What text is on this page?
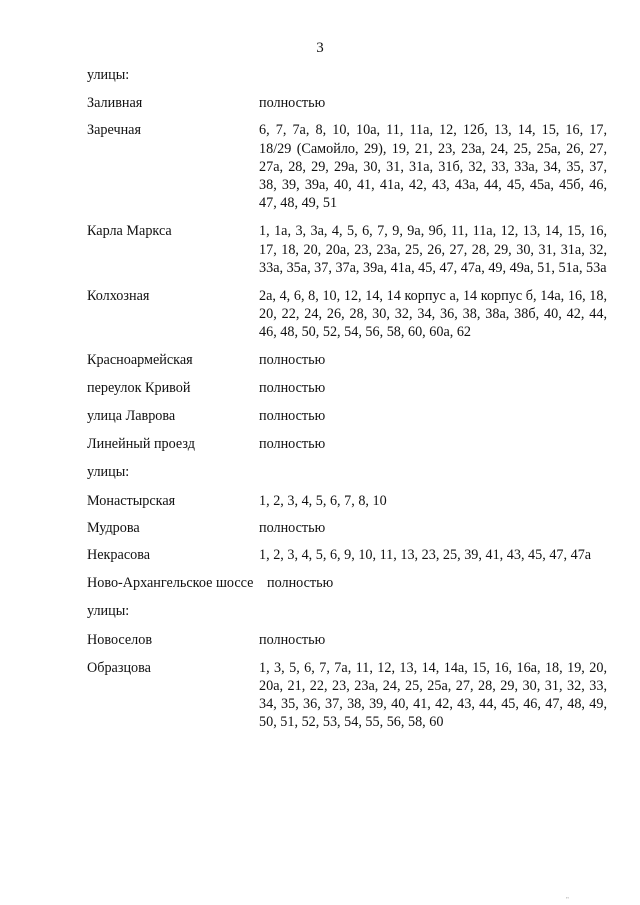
3
улицы:
Заливная	полностью
Заречная	6, 7, 7а, 8, 10, 10а, 11, 11а, 12, 12б, 13, 14, 15, 16, 17, 18/29 (Самойло, 29), 19, 21, 23, 23а, 24, 25, 25а, 26, 27, 27а, 28, 29, 29а, 30, 31, 31а, 31б, 32, 33, 33а, 34, 35, 37, 38, 39, 39а, 40, 41, 41а, 42, 43, 43а, 44, 45, 45а, 45б, 46, 47, 48, 49, 51
Карла Маркса	1, 1а, 3, 3а, 4, 5, 6, 7, 9, 9а, 9б, 11, 11а, 12, 13, 14, 15, 16, 17, 18, 20, 20а, 23, 23а, 25, 26, 27, 28, 29, 30, 31, 31а, 32, 33а, 35а, 37, 37а, 39а, 41а, 45, 47, 47а, 49, 49а, 51, 51а, 53а
Колхозная	2а, 4, 6, 8, 10, 12, 14, 14 корпус а, 14 корпус б, 14а, 16, 18, 20, 22, 24, 26, 28, 30, 32, 34, 36, 38, 38а, 38б, 40, 42, 44, 46, 48, 50, 52, 54, 56, 58, 60, 60а, 62
Красноармейская	полностью
переулок Кривой	полностью
улица Лаврова	полностью
Линейный проезд	полностью
улицы:
Монастырская	1, 2, 3, 4, 5, 6, 7, 8, 10
Мудрова	полностью
Некрасова	1, 2, 3, 4, 5, 6, 9, 10, 11, 13, 23, 25, 39, 41, 43, 45, 47, 47а
Ново-Архангельское шоссе полностью
улицы:
Новоселов	полностью
Образцова	1, 3, 5, 6, 7, 7а, 11, 12, 13, 14, 14а, 15, 16, 16а, 18, 19, 20, 20а, 21, 22, 23, 23а, 24, 25, 25а, 27, 28, 29, 30, 31, 32, 33, 34, 35, 36, 37, 38, 39, 40, 41, 42, 43, 44, 45, 46, 47, 48, 49, 50, 51, 52, 53, 54, 55, 56, 58, 60
"
